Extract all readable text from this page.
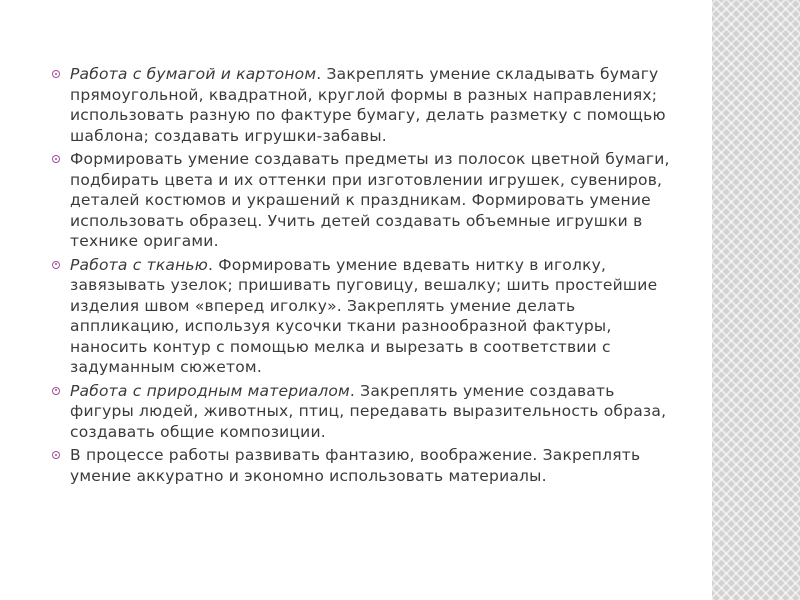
Работа с бумагой и картоном. Закреплять умение складывать бумагу прямоугольной, квадратной, круглой формы в разных направлениях; использовать разную по фактуре бумагу, делать разметку с помощью шаблона; создавать игрушки-забавы.
Формировать умение создавать предметы из полосок цветной бумаги, подбирать цвета и их оттенки при изготовлении игрушек, сувениров, деталей костюмов и украшений к праздникам. Формировать умение использовать образец. Учить детей создавать объемные игрушки в технике оригами.
Работа с тканью. Формировать умение вдевать нитку в иголку, завязывать узелок; пришивать пуговицу, вешалку; шить простейшие изделия швом «вперед иголку». Закреплять умение делать аппликацию, используя кусочки ткани разнообразной фактуры, наносить контур с помощью мелка и вырезать в соответствии с задуманным сюжетом.
Работа с природным материалом. Закреплять умение создавать фигуры людей, животных, птиц, передавать выразительность образа, создавать общие композиции.
В процессе работы развивать фантазию, воображение. Закреплять умение аккуратно и экономно использовать материалы.
